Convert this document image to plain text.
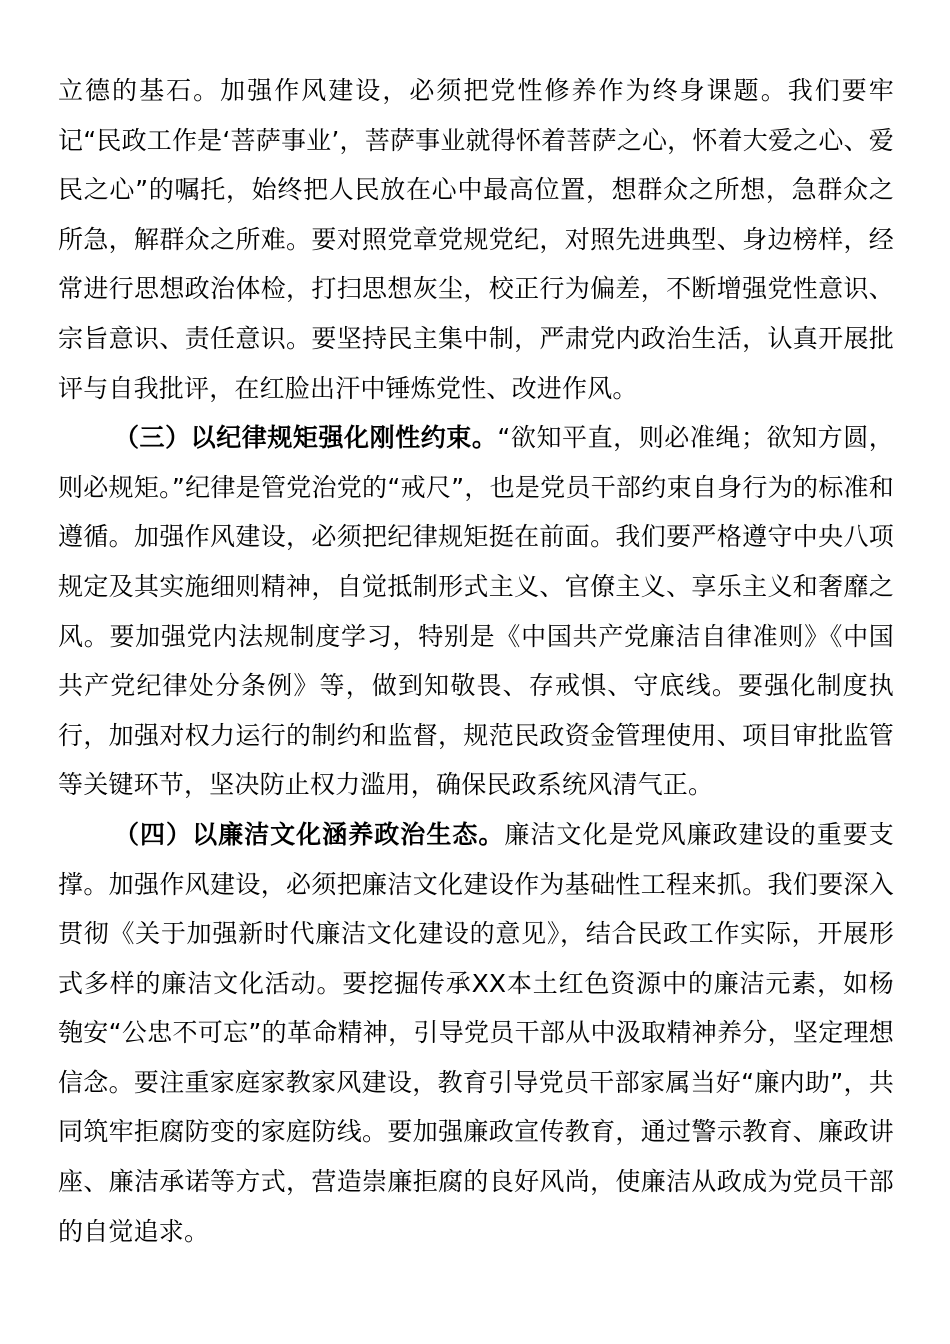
立德的基石。加强作风建设，必须把党性修养作为终身课题。我们要牢记“民政工作是‘菩萨事业’，菩萨事业就得怀着菩萨之心，怀着大爱之心、爱民之心”的嘱托，始终把人民放在心中最高位置，想群众之所想，急群众之所急，解群众之所难。要对照党章党规党纪，对照先进典型、身边榜样，经常进行思想政治体检，打扫思想灰尘，校正行为偏差，不断增强党性意识、宗旨意识、责任意识。要坚持民主集中制，严肃党内政治生活，认真开展批评与自我批评，在红脸出汗中锤炼党性、改进作风。

（三）以纪律规矩强化刚性约束。“欲知平直，则必准绳；欲知方圆，则必规矩。”纪律是管党治党的“戒尺”，也是党员干部约束自身行为的标准和遵循。加强作风建设，必须把纪律规矩挺在前面。我们要严格遵守中央八项规定及其实施细则精神，自觉抵制形式主义、官僚主义、享乐主义和奢靡之风。要加强党内法规制度学习，特别是《中国共产党廉洁自律准则》《中国共产党纪律处分条例》等，做到知敬畏、存戒惧、守底线。要强化制度执行，加强对权力运行的制约和监督，规范民政资金管理使用、项目审批监管等关键环节，坚决防止权力滥用，确保民政系统风清气正。

（四）以廉洁文化涵养政治生态。廉洁文化是党风廉政建设的重要支撑。加强作风建设，必须把廉洁文化建设作为基础性工程来抓。我们要深入贯彻《关于加强新时代廉洁文化建设的意见》，结合民政工作实际，开展形式多样的廉洁文化活动。要挖掘传承XX本土红色资源中的廉洁元素，如杨匏安“公忠不可忘”的革命精神，引导党员干部从中汲取精神养分，坚定理想信念。要注重家庭家教家风建设，教育引导党员干部家属当好“廉内助”，共同筑牢拒腐防变的家庭防线。要加强廉政宣传教育，通过警示教育、廉政讲座、廉洁承诺等方式，营造崇廉拒腐的良好风尚，使廉洁从政成为党员干部的自觉追求。
